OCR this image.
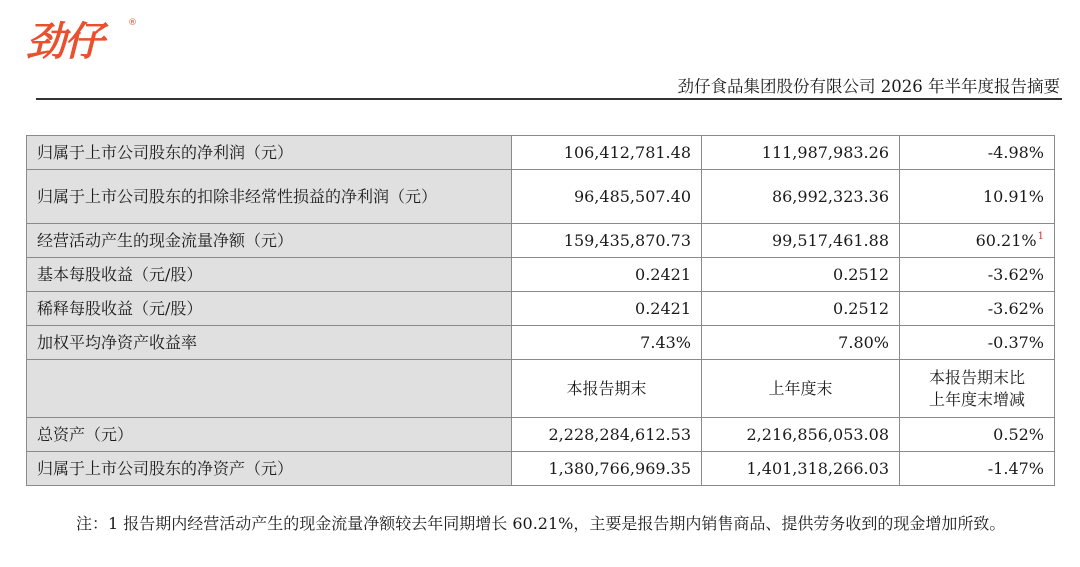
劲仔	®
劲仔食品集团股份有限公司 2026 年半年度报告摘要
归属于上市公司股东的净利润（元）	106,412,781.48	111,987,983.26	-4.98%
归属于上市公司股东的扣除非经常性损益的净利润（元）	96,485,507.40	86,992,323.36	10.91%
经营活动产生的现金流量净额（元）	159,435,870.73	99,517,461.88	60.21%$^1$
基本每股收益（元/股）	0.2421	0.2512	-3.62%
稀释每股收益（元/股）	0.2421	0.2512	-3.62%
加权平均净资产收益率	7.43%	7.80%	-0.37%
	本报告期末	上年度末	本报告期末比
上年度末增减

总资产（元）	2,228,284,612.53	2,216,856,053.08	0.52%
归属于上市公司股东的净资产（元）	1,380,766,969.35	1,401,318,266.03	-1.47%
注：1 报告期内经营活动产生的现金流量净额较去年同期增长 60.21%，主要是报告期内销售商品、提供劳务收到的现金增加所致。
